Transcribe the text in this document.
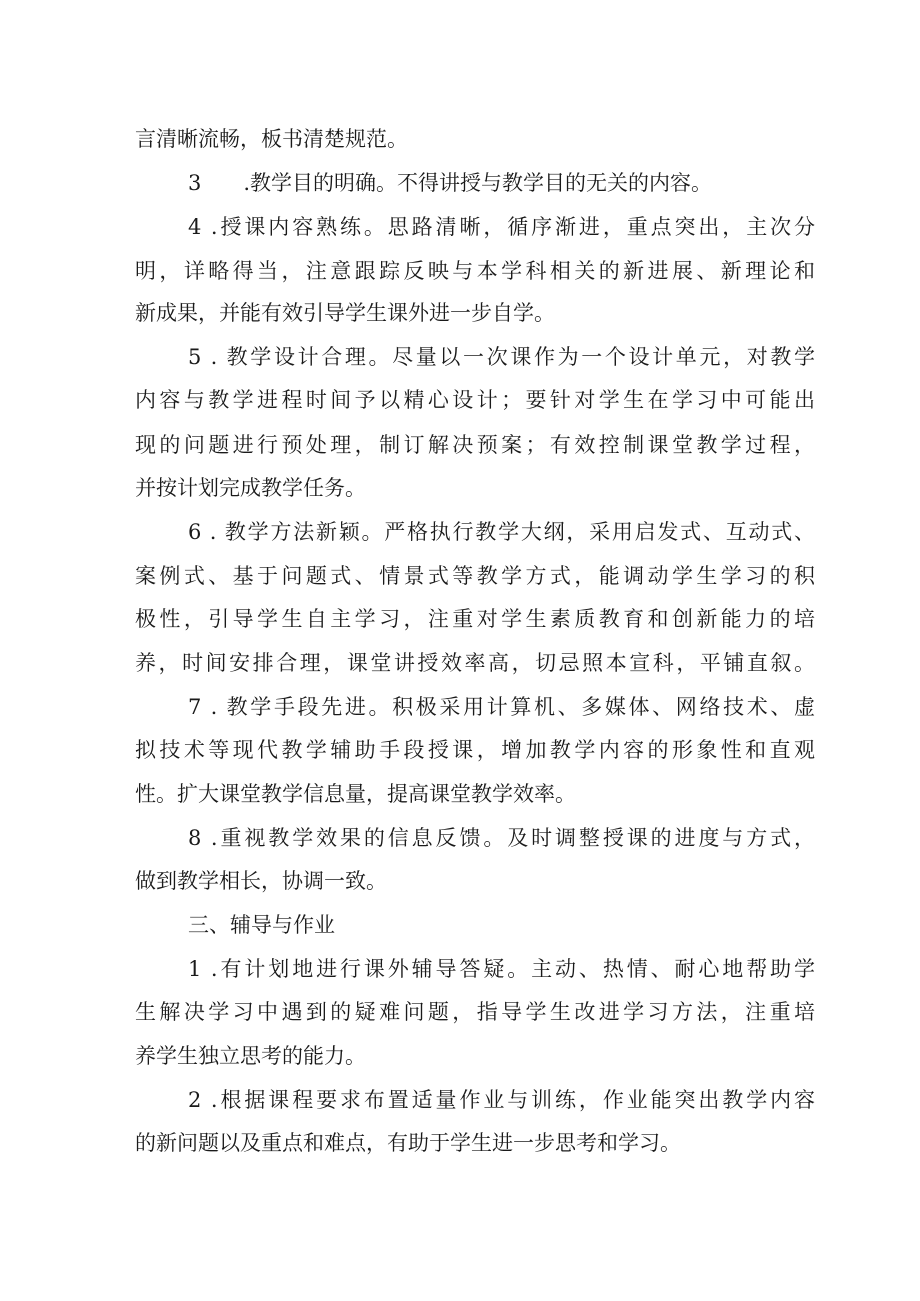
言清晰流畅，板书清楚规范。
3　　.教学目的明确。不得讲授与教学目的无关的内容。
4 .授课内容熟练。思路清晰，循序渐进，重点突出，主次分
明，详略得当，注意跟踪反映与本学科相关的新进展、新理论和
新成果，并能有效引导学生课外进一步自学。
5 . 教学设计合理。尽量以一次课作为一个设计单元，对教学
内容与教学进程时间予以精心设计；要针对学生在学习中可能出
现的问题进行预处理，制订解决预案；有效控制课堂教学过程，
并按计划完成教学任务。
6 . 教学方法新颖。严格执行教学大纲，采用启发式、互动式、
案例式、基于问题式、情景式等教学方式，能调动学生学习的积
极性，引导学生自主学习，注重对学生素质教育和创新能力的培
养，时间安排合理，课堂讲授效率高，切忌照本宣科，平铺直叙。
7 . 教学手段先进。积极采用计算机、多媒体、网络技术、虚
拟技术等现代教学辅助手段授课，增加教学内容的形象性和直观
性。扩大课堂教学信息量，提高课堂教学效率。
8 .重视教学效果的信息反馈。及时调整授课的进度与方式，
做到教学相长，协调一致。
三、辅导与作业
1 .有计划地进行课外辅导答疑。主动、热情、耐心地帮助学
生解决学习中遇到的疑难问题，指导学生改进学习方法，注重培
养学生独立思考的能力。
2 .根据课程要求布置适量作业与训练，作业能突出教学内容
的新问题以及重点和难点，有助于学生进一步思考和学习。
